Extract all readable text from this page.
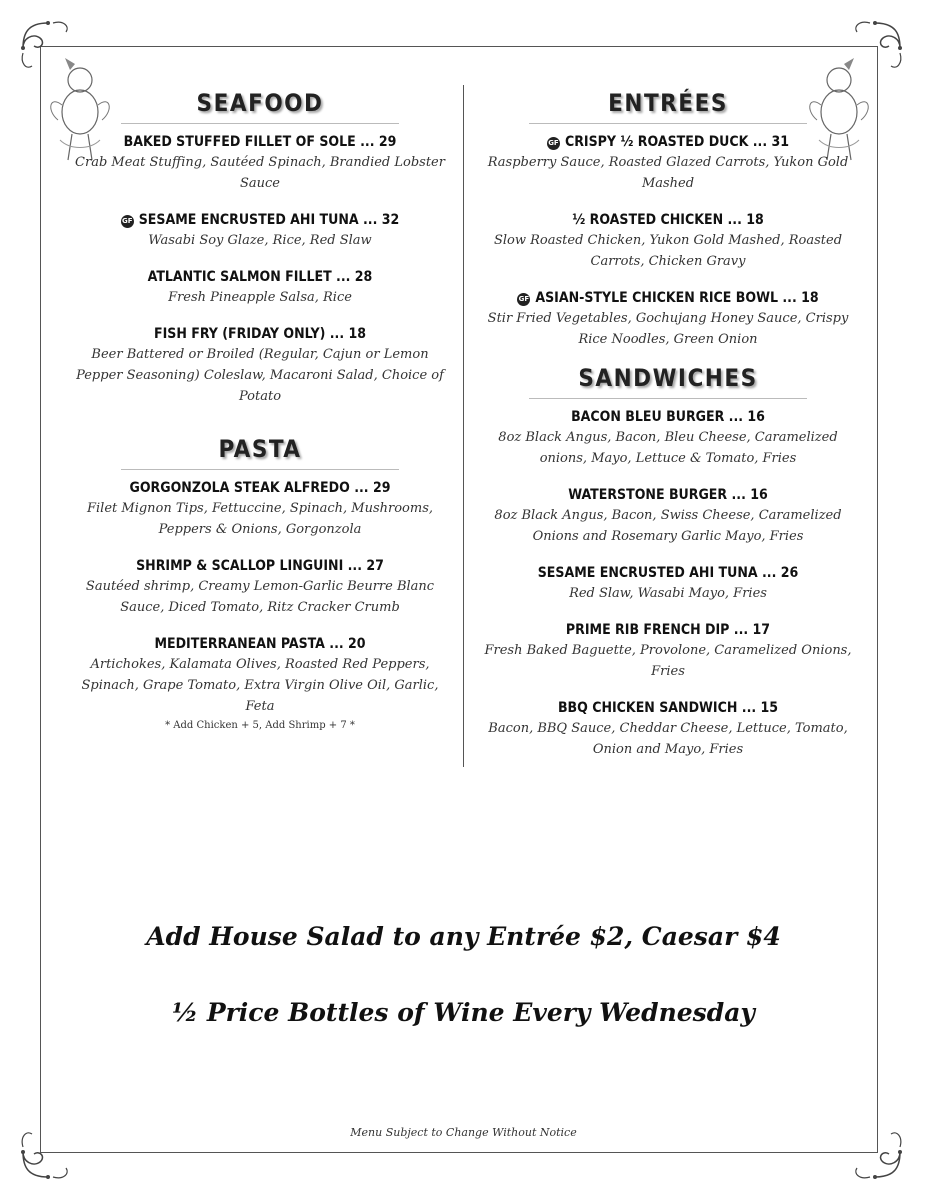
SEAFOOD
BAKED STUFFED FILLET OF SOLE ... 29
Crab Meat Stuffing, Sautéed Spinach, Brandied Lobster Sauce
GF SESAME ENCRUSTED AHI TUNA ... 32
Wasabi Soy Glaze, Rice, Red Slaw
ATLANTIC SALMON FILLET ... 28
Fresh Pineapple Salsa, Rice
FISH FRY (FRIDAY ONLY) ... 18
Beer Battered or Broiled (Regular, Cajun or Lemon Pepper Seasoning) Coleslaw, Macaroni Salad, Choice of Potato
PASTA
GORGONZOLA STEAK ALFREDO ... 29
Filet Mignon Tips, Fettuccine, Spinach, Mushrooms, Peppers & Onions, Gorgonzola
SHRIMP & SCALLOP LINGUINI ... 27
Sautéed shrimp, Creamy Lemon-Garlic Beurre Blanc Sauce, Diced Tomato, Ritz Cracker Crumb
MEDITERRANEAN PASTA ... 20
Artichokes, Kalamata Olives, Roasted Red Peppers, Spinach, Grape Tomato, Extra Virgin Olive Oil, Garlic, Feta
* Add Chicken + 5, Add Shrimp + 7 *
ENTRÉES
GF CRISPY ½ ROASTED DUCK ... 31
Raspberry Sauce, Roasted Glazed Carrots, Yukon Gold Mashed
½ ROASTED CHICKEN ... 18
Slow Roasted Chicken, Yukon Gold Mashed, Roasted Carrots, Chicken Gravy
GF ASIAN-STYLE CHICKEN RICE BOWL ... 18
Stir Fried Vegetables, Gochujang Honey Sauce, Crispy Rice Noodles, Green Onion
SANDWICHES
BACON BLEU BURGER ... 16
8oz Black Angus, Bacon, Bleu Cheese, Caramelized onions, Mayo, Lettuce & Tomato, Fries
WATERSTONE BURGER ... 16
8oz Black Angus, Bacon, Swiss Cheese, Caramelized Onions and Rosemary Garlic Mayo, Fries
SESAME ENCRUSTED AHI TUNA ... 26
Red Slaw, Wasabi Mayo, Fries
PRIME RIB FRENCH DIP ... 17
Fresh Baked Baguette, Provolone, Caramelized Onions, Fries
BBQ CHICKEN SANDWICH ... 15
Bacon, BBQ Sauce, Cheddar Cheese, Lettuce, Tomato, Onion and Mayo, Fries
Add House Salad to any Entrée $2, Caesar $4
½ Price Bottles of Wine Every Wednesday
Menu Subject to Change Without Notice
